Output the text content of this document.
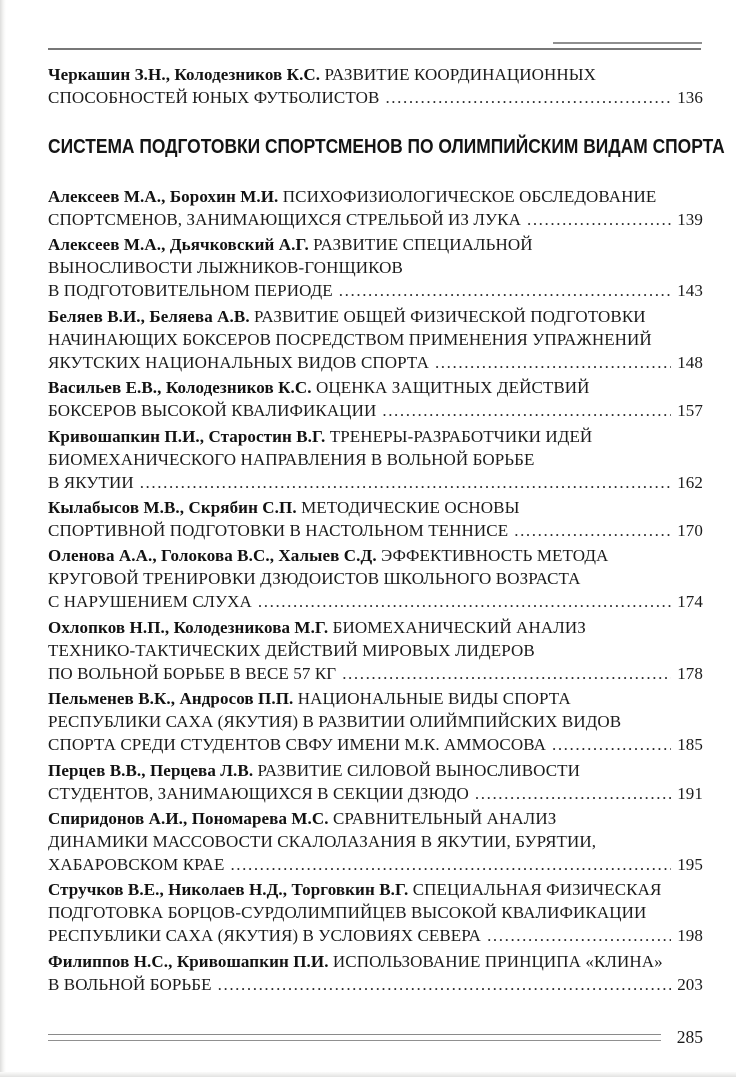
Черкашин З.Н., Колодезников К.С. РАЗВИТИЕ КООРДИНАЦИОННЫХ
СПОСОБНОСТЕЙ ЮНЫХ ФУТБОЛИСТОВ .....	136
СИСТЕМА ПОДГОТОВКИ СПОРТСМЕНОВ ПО ОЛИМПИЙСКИМ ВИДАМ СПОРТА
Алексеев М.А., Борохин М.И. ПСИХОФИЗИОЛОГИЧЕСКОЕ ОБСЛЕДОВАНИЕ
СПОРТСМЕНОВ, ЗАНИМАЮЩИХСЯ СТРЕЛЬБОЙ ИЗ ЛУКА .....	139
Алексеев М.А., Дьячковский А.Г. РАЗВИТИЕ СПЕЦИАЛЬНОЙ
ВЫНОСЛИВОСТИ ЛЫЖНИКОВ-ГОНЩИКОВ
В ПОДГОТОВИТЕЛЬНОМ ПЕРИОДЕ .....	143
Беляев В.И., Беляева А.В. РАЗВИТИЕ ОБЩЕЙ ФИЗИЧЕСКОЙ ПОДГОТОВКИ
НАЧИНАЮЩИХ БОКСЕРОВ ПОСРЕДСТВОМ ПРИМЕНЕНИЯ УПРАЖНЕНИЙ
ЯКУТСКИХ НАЦИОНАЛЬНЫХ ВИДОВ СПОРТА .....	148
Васильев Е.В., Колодезников К.С. ОЦЕНКА ЗАЩИТНЫХ ДЕЙСТВИЙ
БОКСЕРОВ ВЫСОКОЙ КВАЛИФИКАЦИИ .....	157
Кривошапкин П.И., Старостин В.Г. ТРЕНЕРЫ-РАЗРАБОТЧИКИ ИДЕЙ
БИОМЕХАНИЧЕСКОГО НАПРАВЛЕНИЯ В ВОЛЬНОЙ БОРЬБЕ
В ЯКУТИИ .....	162
Кылабысов М.В., Скрябин С.П. МЕТОДИЧЕСКИЕ ОСНОВЫ
СПОРТИВНОЙ ПОДГОТОВКИ В НАСТОЛЬНОМ ТЕННИСЕ .....	170
Оленова А.А., Голокова В.С., Халыев С.Д. ЭФФЕКТИВНОСТЬ МЕТОДА
КРУГОВОЙ ТРЕНИРОВКИ ДЗЮДОИСТОВ ШКОЛЬНОГО ВОЗРАСТА
С НАРУШЕНИЕМ СЛУХА .....	174
Охлопков Н.П., Колодезникова М.Г. БИОМЕХАНИЧЕСКИЙ АНАЛИЗ
ТЕХНИКО-ТАКТИЧЕСКИХ ДЕЙСТВИЙ МИРОВЫХ ЛИДЕРОВ
ПО ВОЛЬНОЙ БОРЬБЕ В ВЕСЕ 57 КГ .....	178
Пельменев В.К., Андросов П.П. НАЦИОНАЛЬНЫЕ ВИДЫ СПОРТА
РЕСПУБЛИКИ САХА (ЯКУТИЯ) В РАЗВИТИИ ОЛИЙМПИЙСКИХ ВИДОВ
СПОРТА СРЕДИ СТУДЕНТОВ СВФУ ИМЕНИ М.К. АММОСОВА .....	185
Перцев В.В., Перцева Л.В. РАЗВИТИЕ СИЛОВОЙ ВЫНОСЛИВОСТИ
СТУДЕНТОВ, ЗАНИМАЮЩИХСЯ В СЕКЦИИ ДЗЮДО .....	191
Спиридонов А.И., Пономарева М.С. СРАВНИТЕЛЬНЫЙ АНАЛИЗ
ДИНАМИКИ МАССОВОСТИ СКАЛОЛАЗАНИЯ В ЯКУТИИ, БУРЯТИИ,
ХАБАРОВСКОМ КРАЕ .....	195
Стручков В.Е., Николаев Н.Д., Торговкин В.Г. СПЕЦИАЛЬНАЯ ФИЗИЧЕСКАЯ
ПОДГОТОВКА БОРЦОВ-СУРДОЛИМПИЙЦЕВ ВЫСОКОЙ КВАЛИФИКАЦИИ
РЕСПУБЛИКИ САХА (ЯКУТИЯ) В УСЛОВИЯХ СЕВЕРА .....	198
Филиппов Н.С., Кривошапкин П.И. ИСПОЛЬЗОВАНИЕ ПРИНЦИПА «КЛИНА»
В ВОЛЬНОЙ БОРЬБЕ .....	203
285
